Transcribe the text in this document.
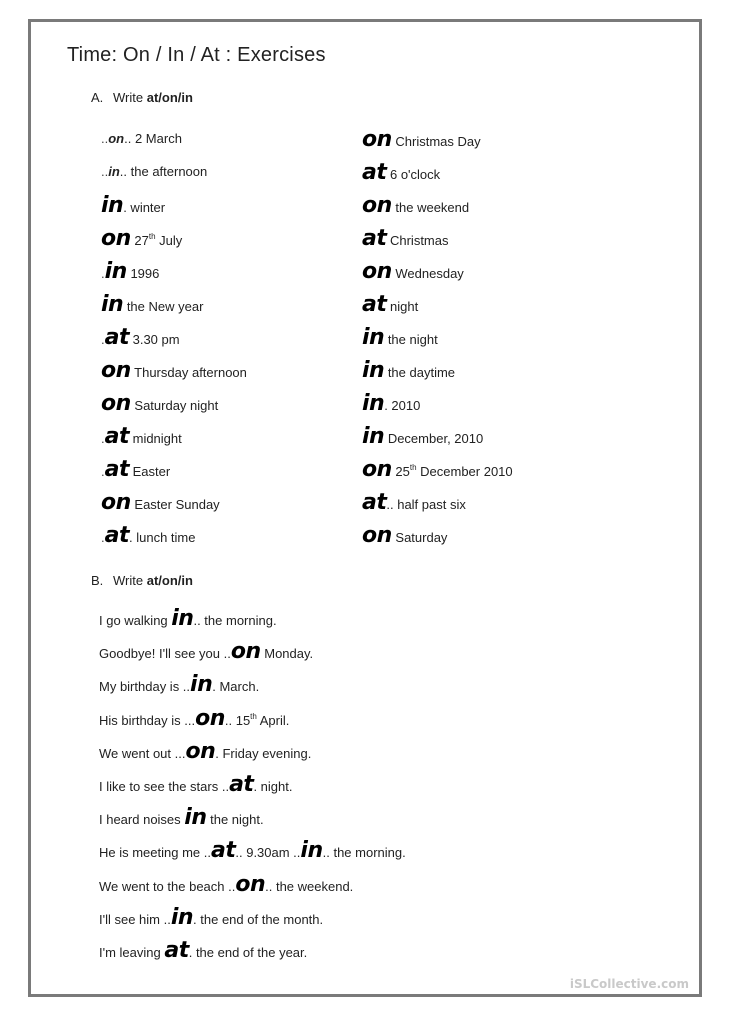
Time: On / In / At : Exercises
A. Write at/on/in
..on.. 2 March
..in.. the afternoon
in. winter
on 27th July
.in 1996
in the New year
.at 3.30 pm
on Thursday afternoon
on Saturday night
.at midnight
.at Easter
on Easter Sunday
.at. lunch time
on Christmas Day
at 6 o'clock
on the weekend
at Christmas
on Wednesday
at night
in the night
in the daytime
in. 2010
in December, 2010
on 25th December 2010
at.. half past six
on Saturday
B. Write at/on/in
I go walking in.. the morning.
Goodbye! I'll see you ..on Monday.
My birthday is ..in. March.
His birthday is ...on.. 15th April.
We went out ...on. Friday evening.
I like to see the stars ..at. night.
I heard noises in the night.
He is meeting me ..at.. 9.30am ..in.. the morning.
We went to the beach ..on.. the weekend.
I'll see him ..in. the end of the month.
I'm leaving at. the end of the year.
iSLCollective.com
